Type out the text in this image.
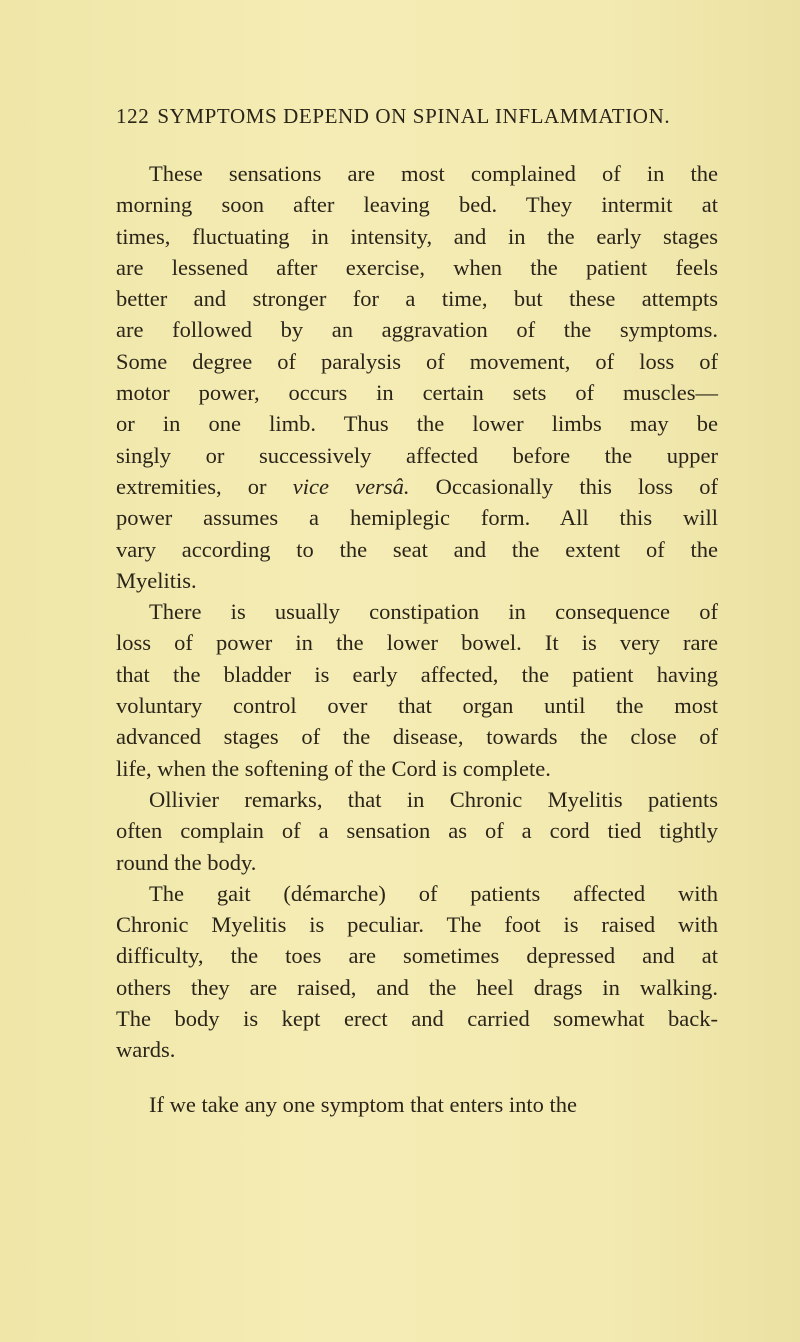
122 SYMPTOMS DEPEND ON SPINAL INFLAMMATION.
These sensations are most complained of in the
morning soon after leaving bed. They intermit at
times, fluctuating in intensity, and in the early stages
are lessened after exercise, when the patient feels
better and stronger for a time, but these attempts
are followed by an aggravation of the symptoms.
Some degree of paralysis of movement, of loss of
motor power, occurs in certain sets of muscles—
or in one limb. Thus the lower limbs may be
singly or successively affected before the upper
extremities, or vice versâ. Occasionally this loss of
power assumes a hemiplegic form. All this will
vary according to the seat and the extent of the
Myelitis.
There is usually constipation in consequence of
loss of power in the lower bowel. It is very rare
that the bladder is early affected, the patient having
voluntary control over that organ until the most
advanced stages of the disease, towards the close of
life, when the softening of the Cord is complete.
Ollivier remarks, that in Chronic Myelitis patients
often complain of a sensation as of a cord tied tightly
round the body.
The gait (démarche) of patients affected with
Chronic Myelitis is peculiar. The foot is raised with
difficulty, the toes are sometimes depressed and at
others they are raised, and the heel drags in walking.
The body is kept erect and carried somewhat back-
wards.
If we take any one symptom that enters into the
